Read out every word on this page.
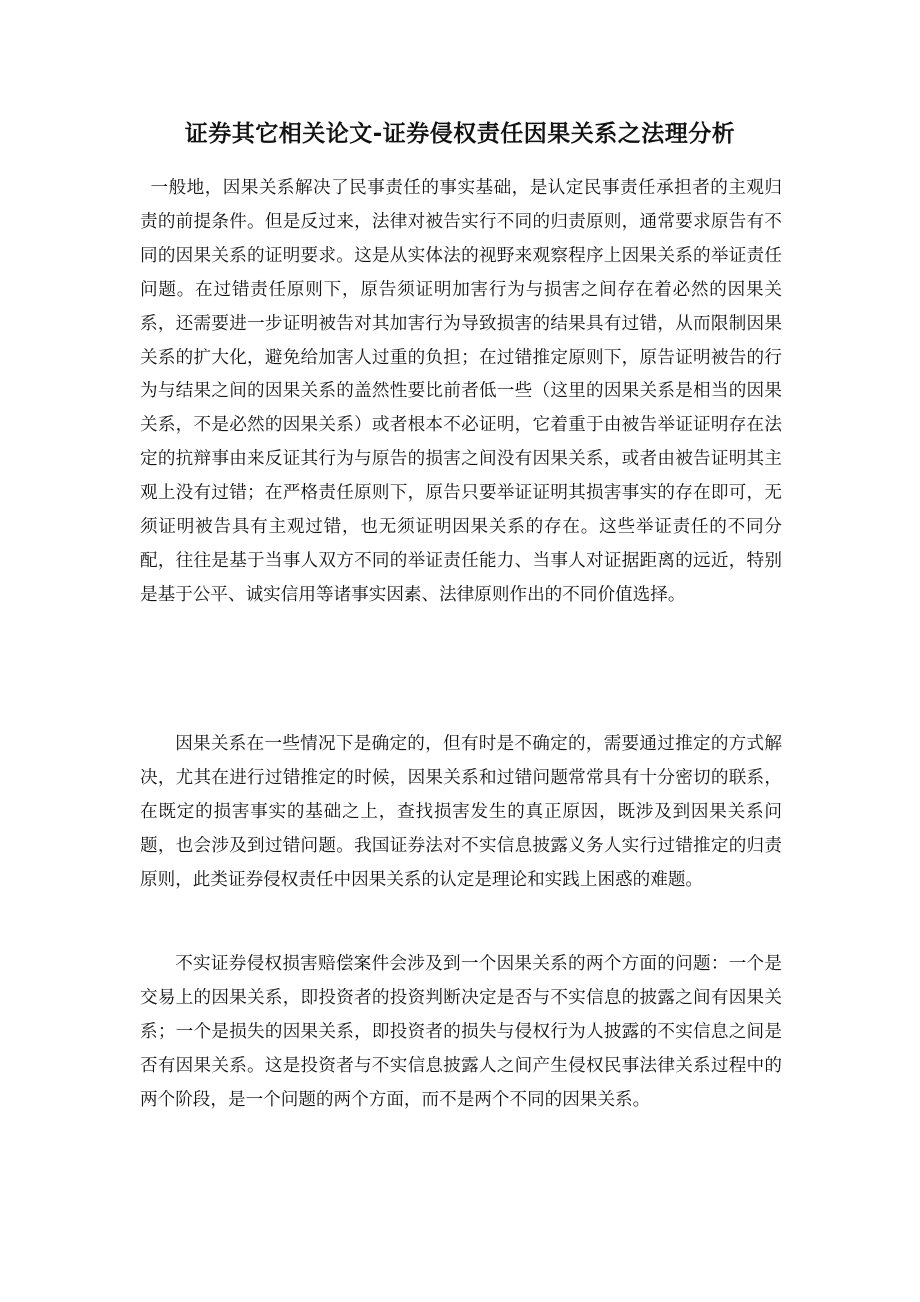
证券其它相关论文-证券侵权责任因果关系之法理分析

一般地，因果关系解决了民事责任的事实基础，是认定民事责任承担者的主观归责的前提条件。但是反过来，法律对被告实行不同的归责原则，通常要求原告有不同的因果关系的证明要求。这是从实体法的视野来观察程序上因果关系的举证责任问题。在过错责任原则下，原告须证明加害行为与损害之间存在着必然的因果关系，还需要进一步证明被告对其加害行为导致损害的结果具有过错，从而限制因果关系的扩大化，避免给加害人过重的负担；在过错推定原则下，原告证明被告的行为与结果之间的因果关系的盖然性要比前者低一些（这里的因果关系是相当的因果关系，不是必然的因果关系）或者根本不必证明，它着重于由被告举证证明存在法定的抗辩事由来反证其行为与原告的损害之间没有因果关系，或者由被告证明其主观上没有过错；在严格责任原则下，原告只要举证证明其损害事实的存在即可，无须证明被告具有主观过错，也无须证明因果关系的存在。这些举证责任的不同分配，往往是基于当事人双方不同的举证责任能力、当事人对证据距离的远近，特别是基于公平、诚实信用等诸事实因素、法律原则作出的不同价值选择。

因果关系在一些情况下是确定的，但有时是不确定的，需要通过推定的方式解决，尤其在进行过错推定的时候，因果关系和过错问题常常具有十分密切的联系，在既定的损害事实的基础之上，查找损害发生的真正原因，既涉及到因果关系问题，也会涉及到过错问题。我国证券法对不实信息披露义务人实行过错推定的归责原则，此类证券侵权责任中因果关系的认定是理论和实践上困惑的难题。

不实证券侵权损害赔偿案件会涉及到一个因果关系的两个方面的问题：一个是交易上的因果关系，即投资者的投资判断决定是否与不实信息的披露之间有因果关系；一个是损失的因果关系，即投资者的损失与侵权行为人披露的不实信息之间是否有因果关系。这是投资者与不实信息披露人之间产生侵权民事法律关系过程中的两个阶段，是一个问题的两个方面，而不是两个不同的因果关系。
